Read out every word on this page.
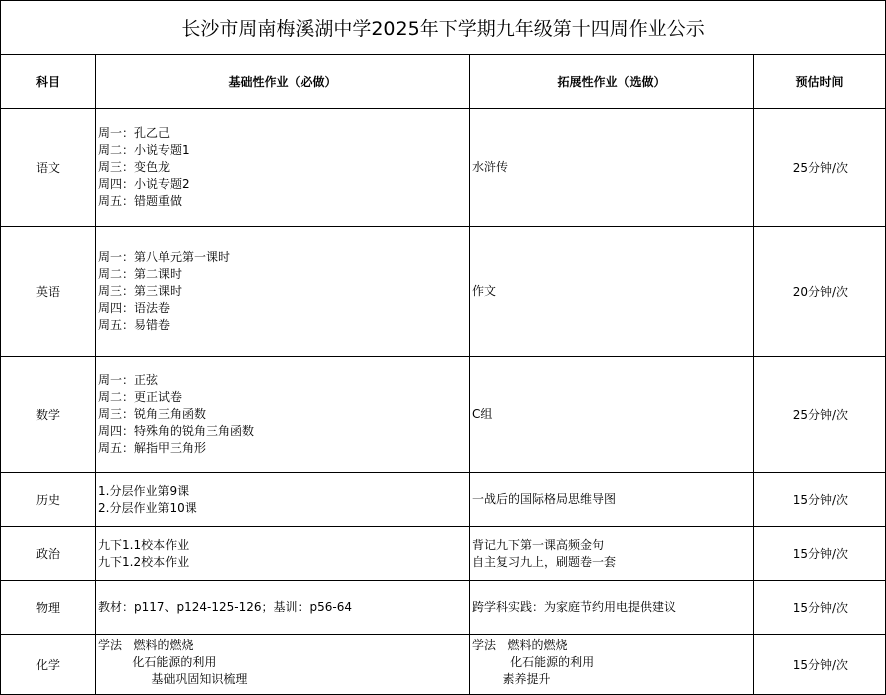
长沙市周南梅溪湖中学2025年下学期九年级第十四周作业公示			
科目	基础性作业（必做）	拓展性作业（选做）	预估时间
语文	周一：孔乙己
周二：小说专题1
周三：变色龙
周四：小说专题2
周五：错题重做	水浒传	25分钟/次
英语	周一：第八单元第一课时
周二：第二课时
周三：第三课时
周四：语法卷
周五：易错卷	作文	20分钟/次
数学	周一：正弦
周二：更正试卷
周三：锐角三角函数
周四：特殊角的锐角三角函数
周五：解指甲三角形	C组	25分钟/次
历史	1.分层作业第9课
2.分层作业第10课	一战后的国际格局思维导图	15分钟/次
政治	九下1.1校本作业
九下1.2校本作业	背记九下第一课高频金句
自主复习九上，刷题卷一套	15分钟/次
物理	教材：p117、p124-125-126；基训：p56-64	跨学科实践：为家庭节约用电提供建议	15分钟/次
化学	学法   燃料的燃烧
化石能源的利用
基础巩固知识梳理	学法   燃料的燃烧
化石能源的利用
素养提升	15分钟/次
